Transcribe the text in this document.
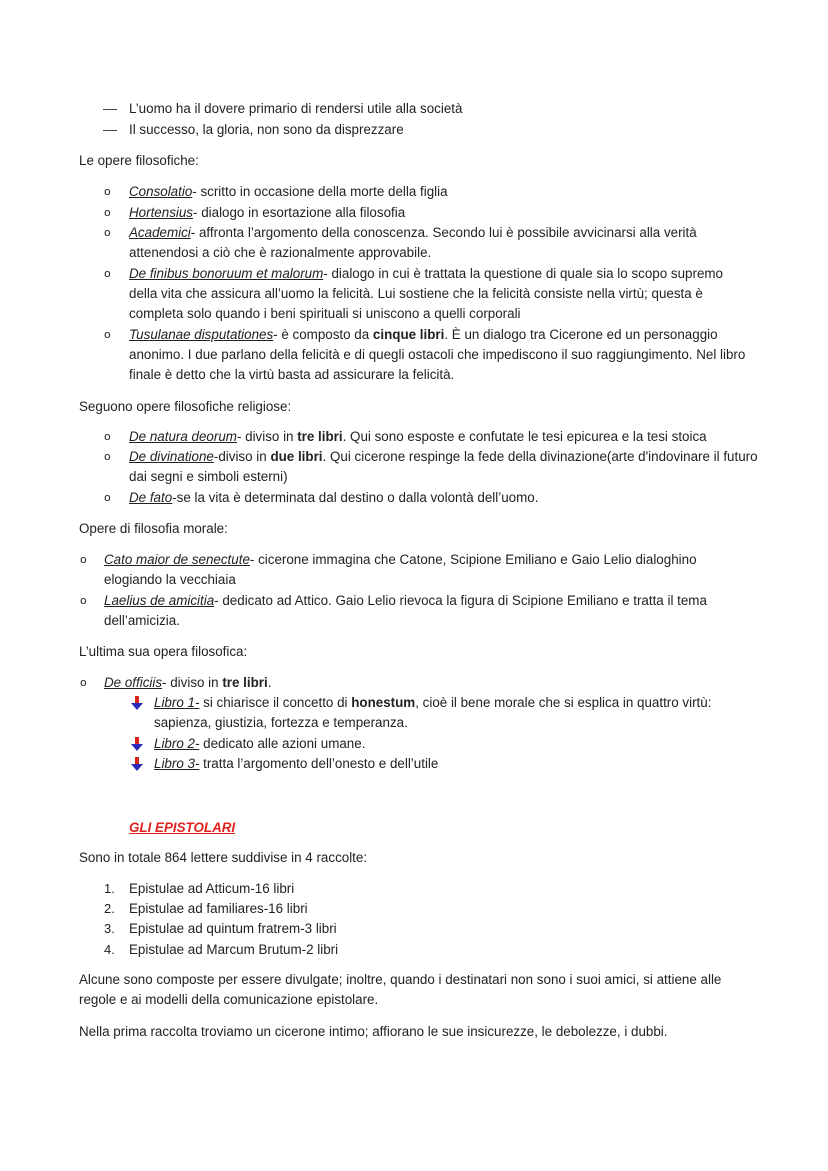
L’uomo ha il dovere primario di rendersi utile alla società
Il successo, la gloria, non sono da disprezzare
Le opere filosofiche:
o Consolatio- scritto in occasione della morte della figlia
o Hortensius- dialogo in esortazione alla filosofia
o Academici- affronta l’argomento della conoscenza. Secondo lui è possibile avvicinarsi alla verità attenendosi a ciò che è razionalmente approvabile.
o De finibus bonoruum et malorum- dialogo in cui è trattata la questione di quale sia lo scopo supremo della vita che assicura all’uomo la felicità. Lui sostiene che la felicità consiste nella virtù; questa è completa solo quando i beni spirituali si uniscono a quelli corporali
o Tusulanae disputationes- è composto da cinque libri. È un dialogo tra Cicerone ed un personaggio anonimo. I due parlano della felicità e di quegli ostacoli che impediscono il suo raggiungimento. Nel libro finale è detto che la virtù basta ad assicurare la felicità.
Seguono opere filosofiche religiose:
o De natura deorum- diviso in tre libri. Qui sono esposte e confutate le tesi epicurea e la tesi stoica
o De divinatione-diviso in due libri. Qui cicerone respinge la fede della divinazione(arte d'indovinare il futuro dai segni e simboli esterni)
o De fato-se la vita è determinata dal destino o dalla volontà dell’uomo.
Opere di filosofia morale:
o Cato maior de senectute- cicerone immagina che Catone, Scipione Emiliano e Gaio Lelio dialoghino elogiando la vecchiaia
o Laelius de amicitia- dedicato ad Attico. Gaio Lelio rievoca la figura di Scipione Emiliano e tratta il tema dell’amicizia.
L’ultima sua opera filosofica:
o De officiis- diviso in tre libri.
Libro 1- si chiarisce il concetto di honestum, cioè il bene morale che si esplica in quattro virtù: sapienza, giustizia, fortezza e temperanza.
Libro 2- dedicato alle azioni umane.
Libro 3- tratta l’argomento dell’onesto e dell’utile
GLI EPISTOLARI
Sono in totale 864 lettere suddivise in 4 raccolte:
1. Epistulae ad Atticum-16 libri
2. Epistulae ad familiares-16 libri
3. Epistulae ad quintum fratrem-3 libri
4. Epistulae ad Marcum Brutum-2 libri
Alcune sono composte per essere divulgate; inoltre, quando i destinatari non sono i suoi amici, si attiene alle regole e ai modelli della comunicazione epistolare.
Nella prima raccolta troviamo un cicerone intimo; affiorano le sue insicurezze, le debolezze, i dubbi.
